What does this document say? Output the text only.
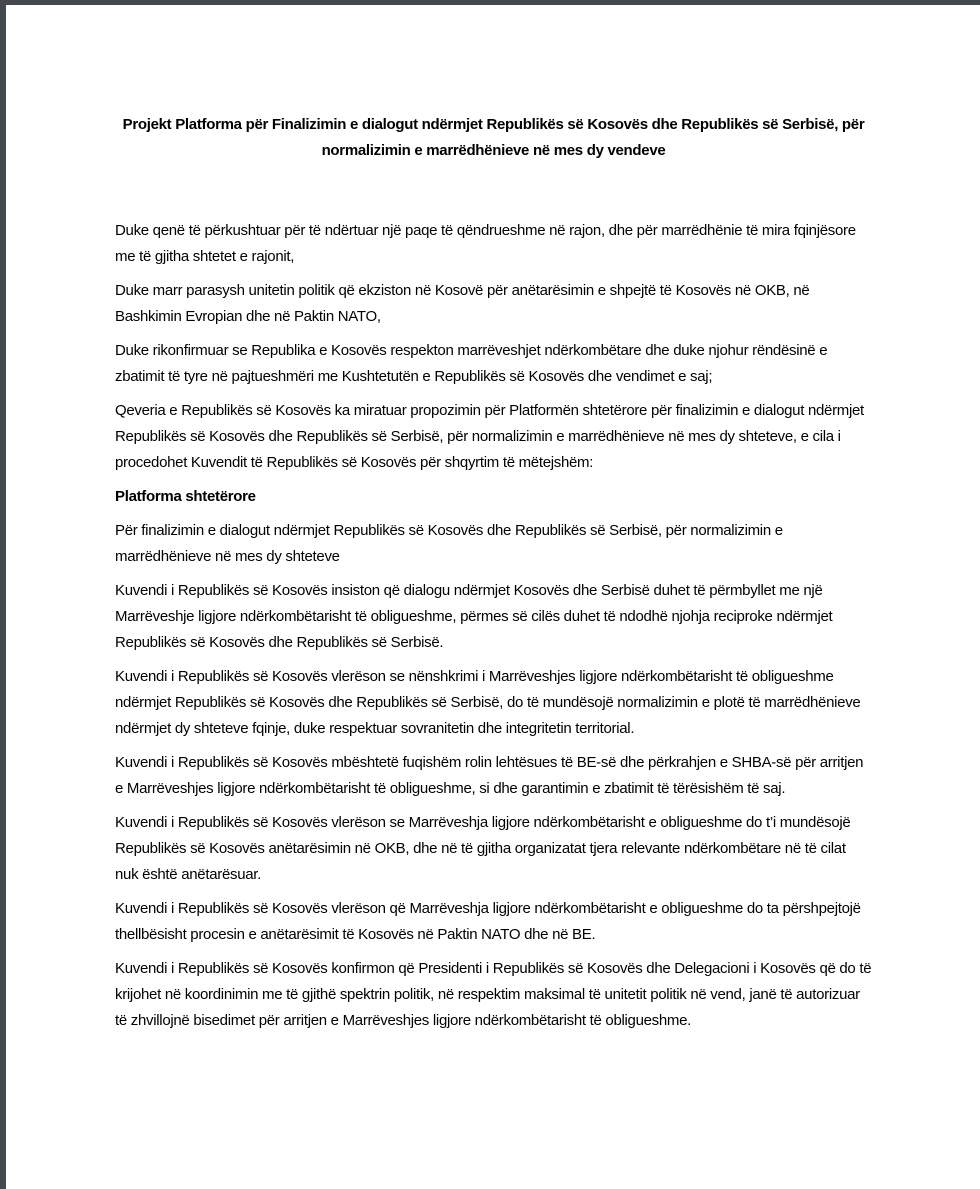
Projekt Platforma për Finalizimin e dialogut ndërmjet Republikës së Kosovës dhe Republikës së Serbisë, për normalizimin e marrëdhënieve në mes dy vendeve

Duke qenë të përkushtuar për të ndërtuar një paqe të qëndrueshme në rajon, dhe për marrëdhënie të mira fqinjësore me të gjitha shtetet e rajonit,

Duke marr parasysh unitetin politik që ekziston në Kosovë për anëtarësimin e shpejtë të Kosovës në OKB, në Bashkimin Evropian dhe në Paktin NATO,

Duke rikonfirmuar se Republika e Kosovës respekton marrëveshjet ndërkombëtare dhe duke njohur rëndësinë e zbatimit të tyre në pajtueshmëri me Kushtetutën e Republikës së Kosovës dhe vendimet e saj;

Qeveria e Republikës së Kosovës ka miratuar propozimin për Platformën shtetërore për finalizimin e dialogut ndërmjet Republikës së Kosovës dhe Republikës së Serbisë, për normalizimin e marrëdhënieve në mes dy shteteve, e cila i procedohet Kuvendit të Republikës së Kosovës për shqyrtim të mëtejshëm:

Platforma shtetërore

Për finalizimin e dialogut ndërmjet Republikës së Kosovës dhe Republikës së Serbisë, për normalizimin e marrëdhënieve në mes dy shteteve

Kuvendi i Republikës së Kosovës insiston që dialogu ndërmjet Kosovës dhe Serbisë duhet të përmbyllet me një Marrëveshje ligjore ndërkombëtarisht të obligueshme, përmes së cilës duhet të ndodhë njohja reciproke ndërmjet Republikës së Kosovës dhe Republikës së Serbisë.

Kuvendi i Republikës së Kosovës vlerëson se nënshkrimi i Marrëveshjes ligjore ndërkombëtarisht të obligueshme ndërmjet Republikës së Kosovës dhe Republikës së Serbisë, do të mundësojë normalizimin e plotë të marrëdhënieve ndërmjet dy shteteve fqinje, duke respektuar sovranitetin dhe integritetin territorial.

Kuvendi i Republikës së Kosovës mbështetë fuqishëm rolin lehtësues të BE-së dhe përkrahjen e SHBA-së për arritjen e Marrëveshjes ligjore ndërkombëtarisht të obligueshme, si dhe garantimin e zbatimit të tërësishëm të saj.

Kuvendi i Republikës së Kosovës vlerëson se Marrëveshja ligjore ndërkombëtarisht e obligueshme do t’i mundësojë Republikës së Kosovës anëtarësimin në OKB, dhe në të gjitha organizatat tjera relevante ndërkombëtare në të cilat nuk është anëtarësuar.

Kuvendi i Republikës së Kosovës vlerëson që Marrëveshja ligjore ndërkombëtarisht e obligueshme do ta përshpejtojë thellbësisht procesin e anëtarësimit të Kosovës në Paktin NATO dhe në BE.

Kuvendi i Republikës së Kosovës konfirmon që Presidenti i Republikës së Kosovës dhe Delegacioni i Kosovës që do të krijohet në koordinimin me të gjithë spektrin politik, në respektim maksimal të unitetit politik në vend, janë të autorizuar të zhvillojnë bisedimet për arritjen e Marrëveshjes ligjore ndërkombëtarisht të obligueshme.
